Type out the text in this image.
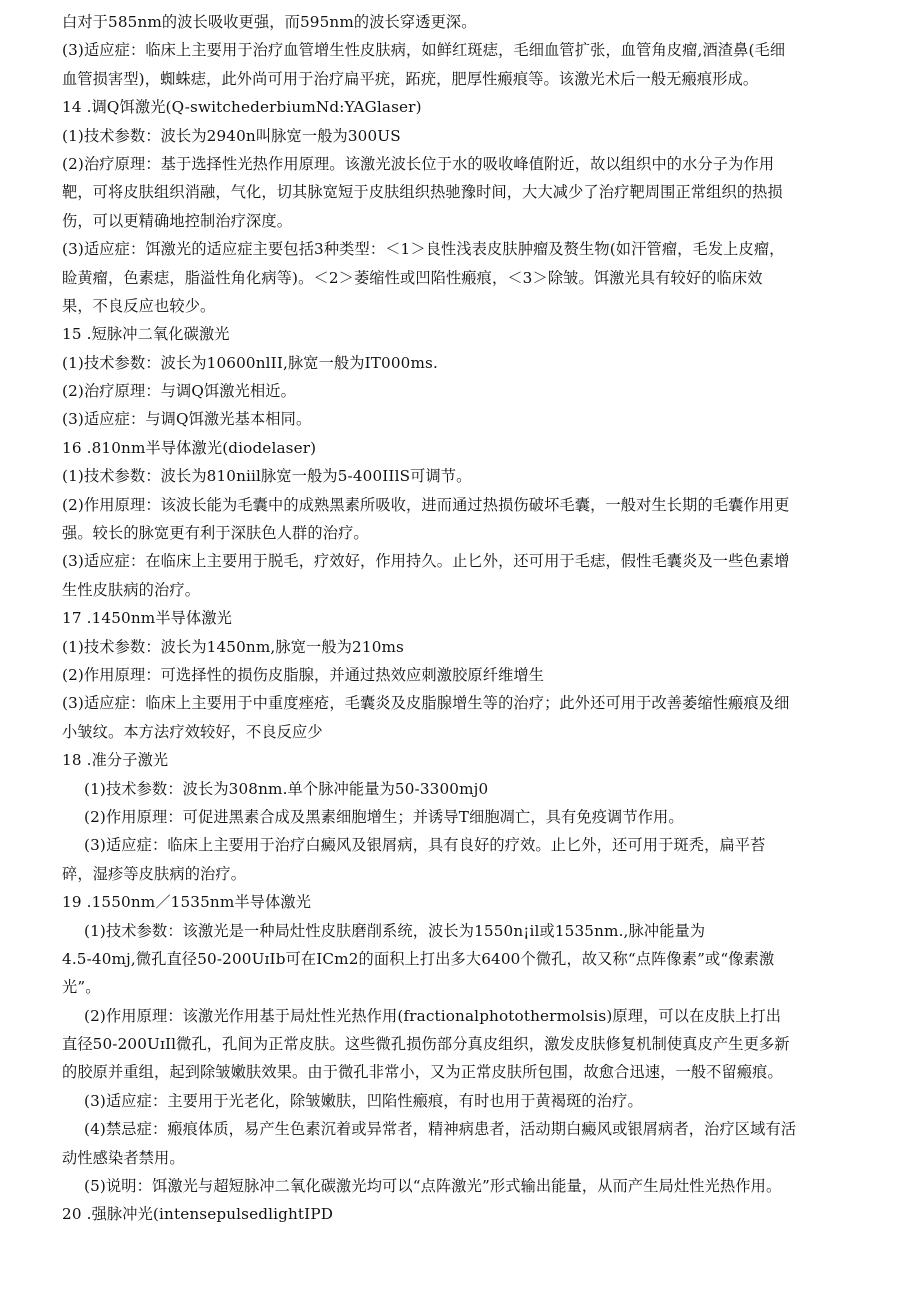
白对于585nm的波长吸收更强，而595nm的波长穿透更深。
(3)适应症：临床上主要用于治疗血管增生性皮肤病，如鲜红斑痣，毛细血管扩张，血管角皮瘤,酒渣鼻(毛细
血管损害型)，蜘蛛痣，此外尚可用于治疗扁平疣，跖疣，肥厚性瘢痕等。该激光术后一般无瘢痕形成。
14 .调Q饵激光(Q-switchederbiumNd:YAGlaser)
(1)技术参数：波长为2940n叫脉宽一般为300US
(2)治疗原理：基于选择性光热作用原理。该激光波长位于水的吸收峰值附近，故以组织中的水分子为作用
靶，可将皮肤组织消融，气化，切其脉宽短于皮肤组织热驰豫时间，大大减少了治疗靶周围正常组织的热损
伤，可以更精确地控制治疗深度。
(3)适应症：饵激光的适应症主要包括3种类型：＜1＞良性浅表皮肤肿瘤及赘生物(如汗管瘤，毛发上皮瘤，
睑黄瘤，色素痣，脂溢性角化病等)。＜2＞萎缩性或凹陷性瘢痕，＜3＞除皱。饵激光具有较好的临床效
果，不良反应也较少。
15 .短脉冲二氧化碳激光
(1)技术参数：波长为10600nlII,脉宽一般为IT000ms.
(2)治疗原理：与调Q饵激光相近。
(3)适应症：与调Q饵激光基本相同。
16 .810nm半导体激光(diodelaser)
(1)技术参数：波长为810niil脉宽一般为5-400IIlS可调节。
(2)作用原理：该波长能为毛囊中的成熟黑素所吸收，进而通过热损伤破坏毛囊，一般对生长期的毛囊作用更
强。较长的脉宽更有利于深肤色人群的治疗。
(3)适应症：在临床上主要用于脱毛，疗效好，作用持久。止匕外，还可用于毛痣，假性毛囊炎及一些色素增
生性皮肤病的治疗。
17 .1450nm半导体激光
(1)技术参数：波长为1450nm,脉宽一般为210ms
(2)作用原理：可选择性的损伤皮脂腺，并通过热效应刺激胶原纤维增生
(3)适应症：临床上主要用于中重度痤疮，毛囊炎及皮脂腺增生等的治疗；此外还可用于改善萎缩性瘢痕及细
小皱纹。本方法疗效较好，不良反应少
18 .准分子激光
(1)技术参数：波长为308nm.单个脉冲能量为50-3300mj0
(2)作用原理：可促进黑素合成及黑素细胞增生；并诱导T细胞凋亡，具有免疫调节作用。
(3)适应症：临床上主要用于治疗白癜风及银屑病，具有良好的疗效。止匕外，还可用于斑秃，扁平苔
碎，湿疹等皮肤病的治疗。
19 .1550nm／1535nm半导体激光
(1)技术参数：该激光是一种局灶性皮肤磨削系统，波长为1550n¡il或1535nm.,脉冲能量为
4.5-40mj,微孔直径50-200UɪIb可在ICm2的面积上打出多大6400个微孔，故又称“点阵像素”或“像素激
光”。
(2)作用原理：该激光作用基于局灶性光热作用(fractionalphotothermolsis)原理，可以在皮肤上打出
直径50-200UɪIl微孔，孔间为正常皮肤。这些微孔损伤部分真皮组织，激发皮肤修复机制使真皮产生更多新
的胶原并重组，起到除皱嫩肤效果。由于微孔非常小，又为正常皮肤所包围，故愈合迅速，一般不留瘢痕。
(3)适应症：主要用于光老化，除皱嫩肤，凹陷性瘢痕，有时也用于黄褐斑的治疗。
(4)禁忌症：瘢痕体质，易产生色素沉着或异常者，精神病患者，活动期白癜风或银屑病者，治疗区域有活
动性感染者禁用。
(5)说明：饵激光与超短脉冲二氧化碳激光均可以“点阵激光”形式输出能量，从而产生局灶性光热作用。
20 .强脉冲光(intensepulsedlightIPD
